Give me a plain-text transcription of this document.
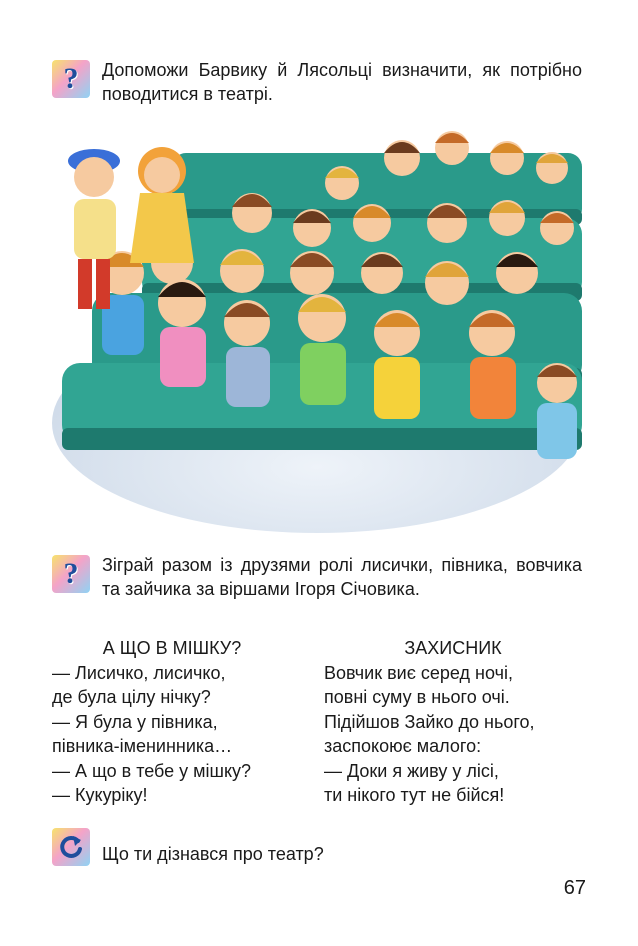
? Допоможи Барвику й Лясольці визначити, як потрібно поводитися в театрі.
? Зіграй разом із друзями ролі лисички, півника, вовчика та зайчика за віршами Ігоря Січовика.
А ЩО В МІШКУ?
— Лисичко, лисичко,
де була цілу нічку?
— Я була у півника,
півника-іменинника…
— А що в тебе у мішку?
— Кукуріку!
ЗАХИСНИК
Вовчик виє серед ночі,
повні суму в нього очі.
Підійшов Зайко до нього,
заспокоює малого:
— Доки я живу у лісі,
ти нікого тут не бійся!
Що ти дізнався про театр?
67
